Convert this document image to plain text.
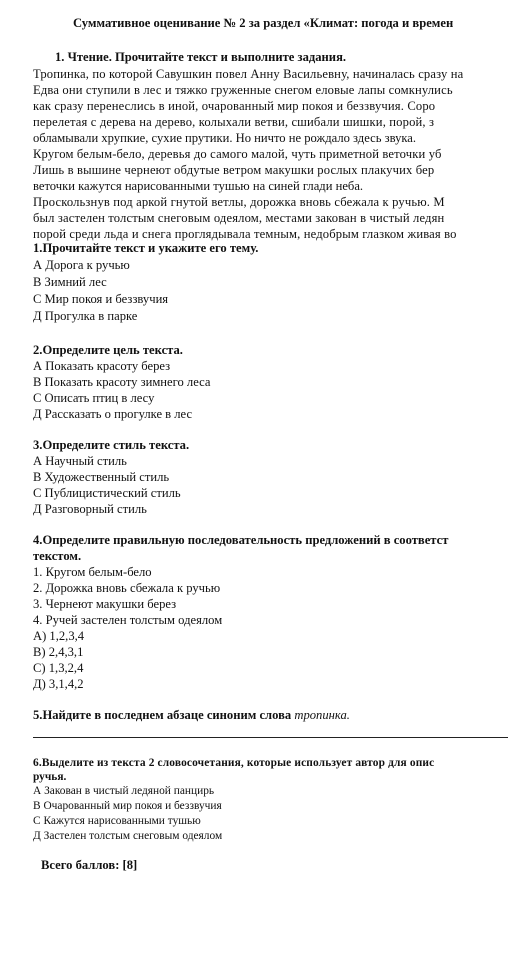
Суммативное оценивание № 2 за раздел «Климат: погода и времен
1. Чтение. Прочитайте текст и выполните задания.
Тропинка, по которой Савушкин повел Анну Васильевну, начиналась сразу на
Едва они ступили в лес и тяжко груженные снегом еловые лапы сомкнулись
как сразу перенеслись в иной, очарованный мир покоя и беззвучия. Соро
перелетая с дерева на дерево, колыхали ветви, сшибали шишки, порой, з
обламывали хрупкие, сухие прутики. Но ничто не рождало здесь звука.
Кругом белым-бело, деревья до самого малой, чуть приметной веточки уб
Лишь в вышине чернеют обдутые ветром макушки рослых плакучих бер
веточки кажутся нарисованными тушью на синей глади неба.
Проскользнув под аркой гнутой ветлы, дорожка вновь сбежала к ручью. М
был застелен толстым снеговым одеялом, местами закован в чистый ледян
порой среди льда и снега проглядывала темным, недобрым глазком живая во
1.Прочитайте текст и укажите его тему.
А Дорога к ручью
В Зимний лес
С Мир покоя и беззвучия
Д Прогулка в парке
2.Определите цель текста.
А Показать красоту берез
В Показать красоту зимнего леса
С Описать птиц в лесу
Д Рассказать о прогулке в лес
3.Определите стиль текста.
А Научный стиль
В Художественный стиль
С Публицистический стиль
Д Разговорный стиль
4.Определите правильную последовательность предложений в соответст
текстом.
1. Кругом белым-бело
2. Дорожка вновь сбежала к ручью
3. Чернеют макушки берез
4. Ручей застелен толстым одеялом
А) 1,2,3,4
В) 2,4,3,1
С) 1,3,2,4
Д) 3,1,4,2
5.Найдите в последнем абзаце синоним слова тропинка.
6.Выделите из текста 2 словосочетания, которые использует автор для опис
ручья.
А Закован в чистый ледяной панцирь
В Очарованный мир покоя и беззвучия
С Кажутся нарисованными тушью
Д Застелен толстым снеговым одеялом
Всего баллов: [8]
